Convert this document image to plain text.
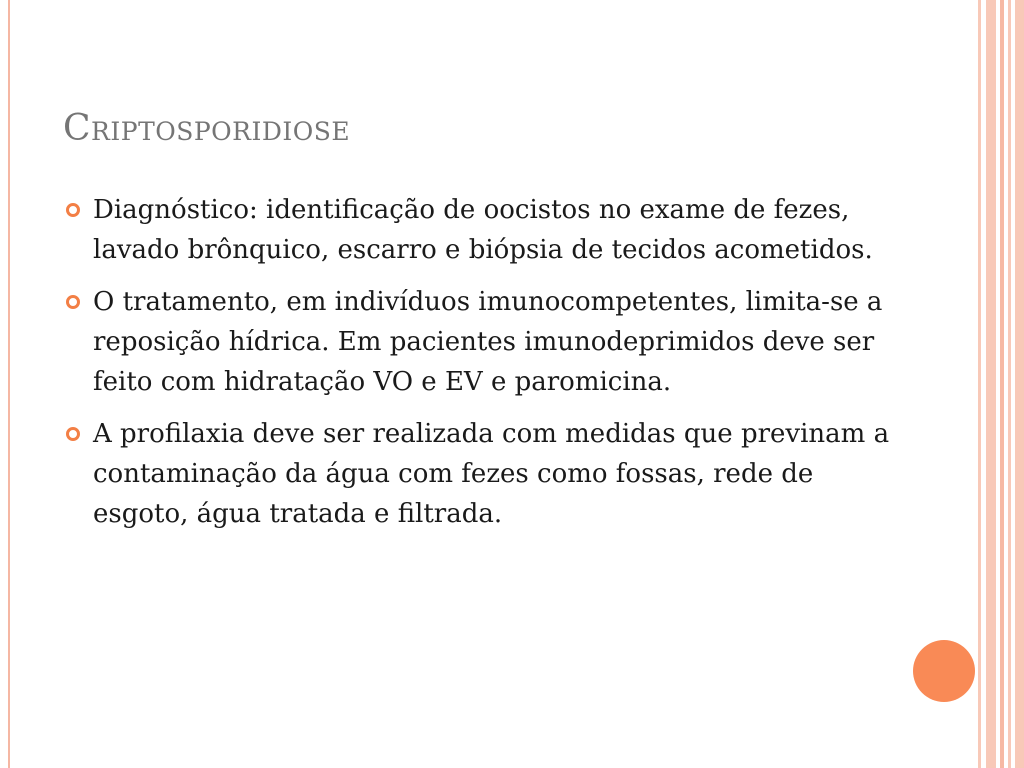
Criptosporidiose
Diagnóstico: identificação de oocistos no exame de fezes, lavado brônquico, escarro e biópsia de tecidos acometidos.
O tratamento, em indivíduos imunocompetentes, limita-se a reposição hídrica. Em pacientes imunodeprimidos deve ser feito com hidratação VO e EV e paromicina.
A profilaxia deve ser realizada com medidas que previnam a contaminação da água com fezes como fossas, rede de esgoto, água tratada e filtrada.
